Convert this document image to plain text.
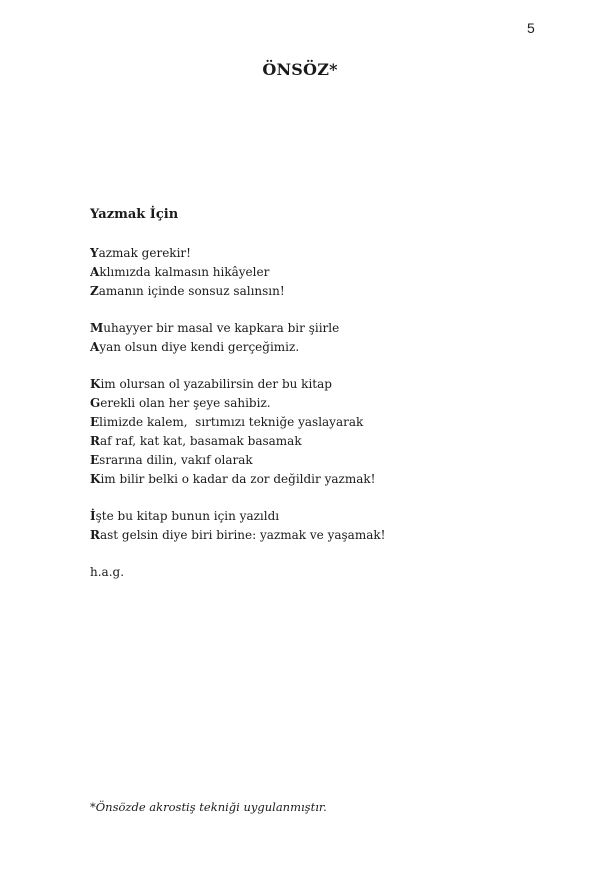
5
ÖNSÖZ*
Yazmak İçin
Yazmak gerekir!
Aklımızda kalmasın hikâyeler
Zamanın içinde sonsuz salınsın!
Muhayyer bir masal ve kapkara bir şiirle
Ayan olsun diye kendi gerçeğimiz.
Kim olursan ol yazabilirsin der bu kitap
Gerekli olan her şeye sahibiz.
Elimizde kalem,  sırtımızı tekniğe yaslayarak
Raf raf, kat kat, basamak basamak
Esrarına dilin, vakıf olarak
Kim bilir belki o kadar da zor değildir yazmak!
İşte bu kitap bunun için yazıldı
Rast gelsin diye biri birine: yazmak ve yaşamak!
h.a.g.
*Önsözde akrostiş tekniği uygulanmıştır.
